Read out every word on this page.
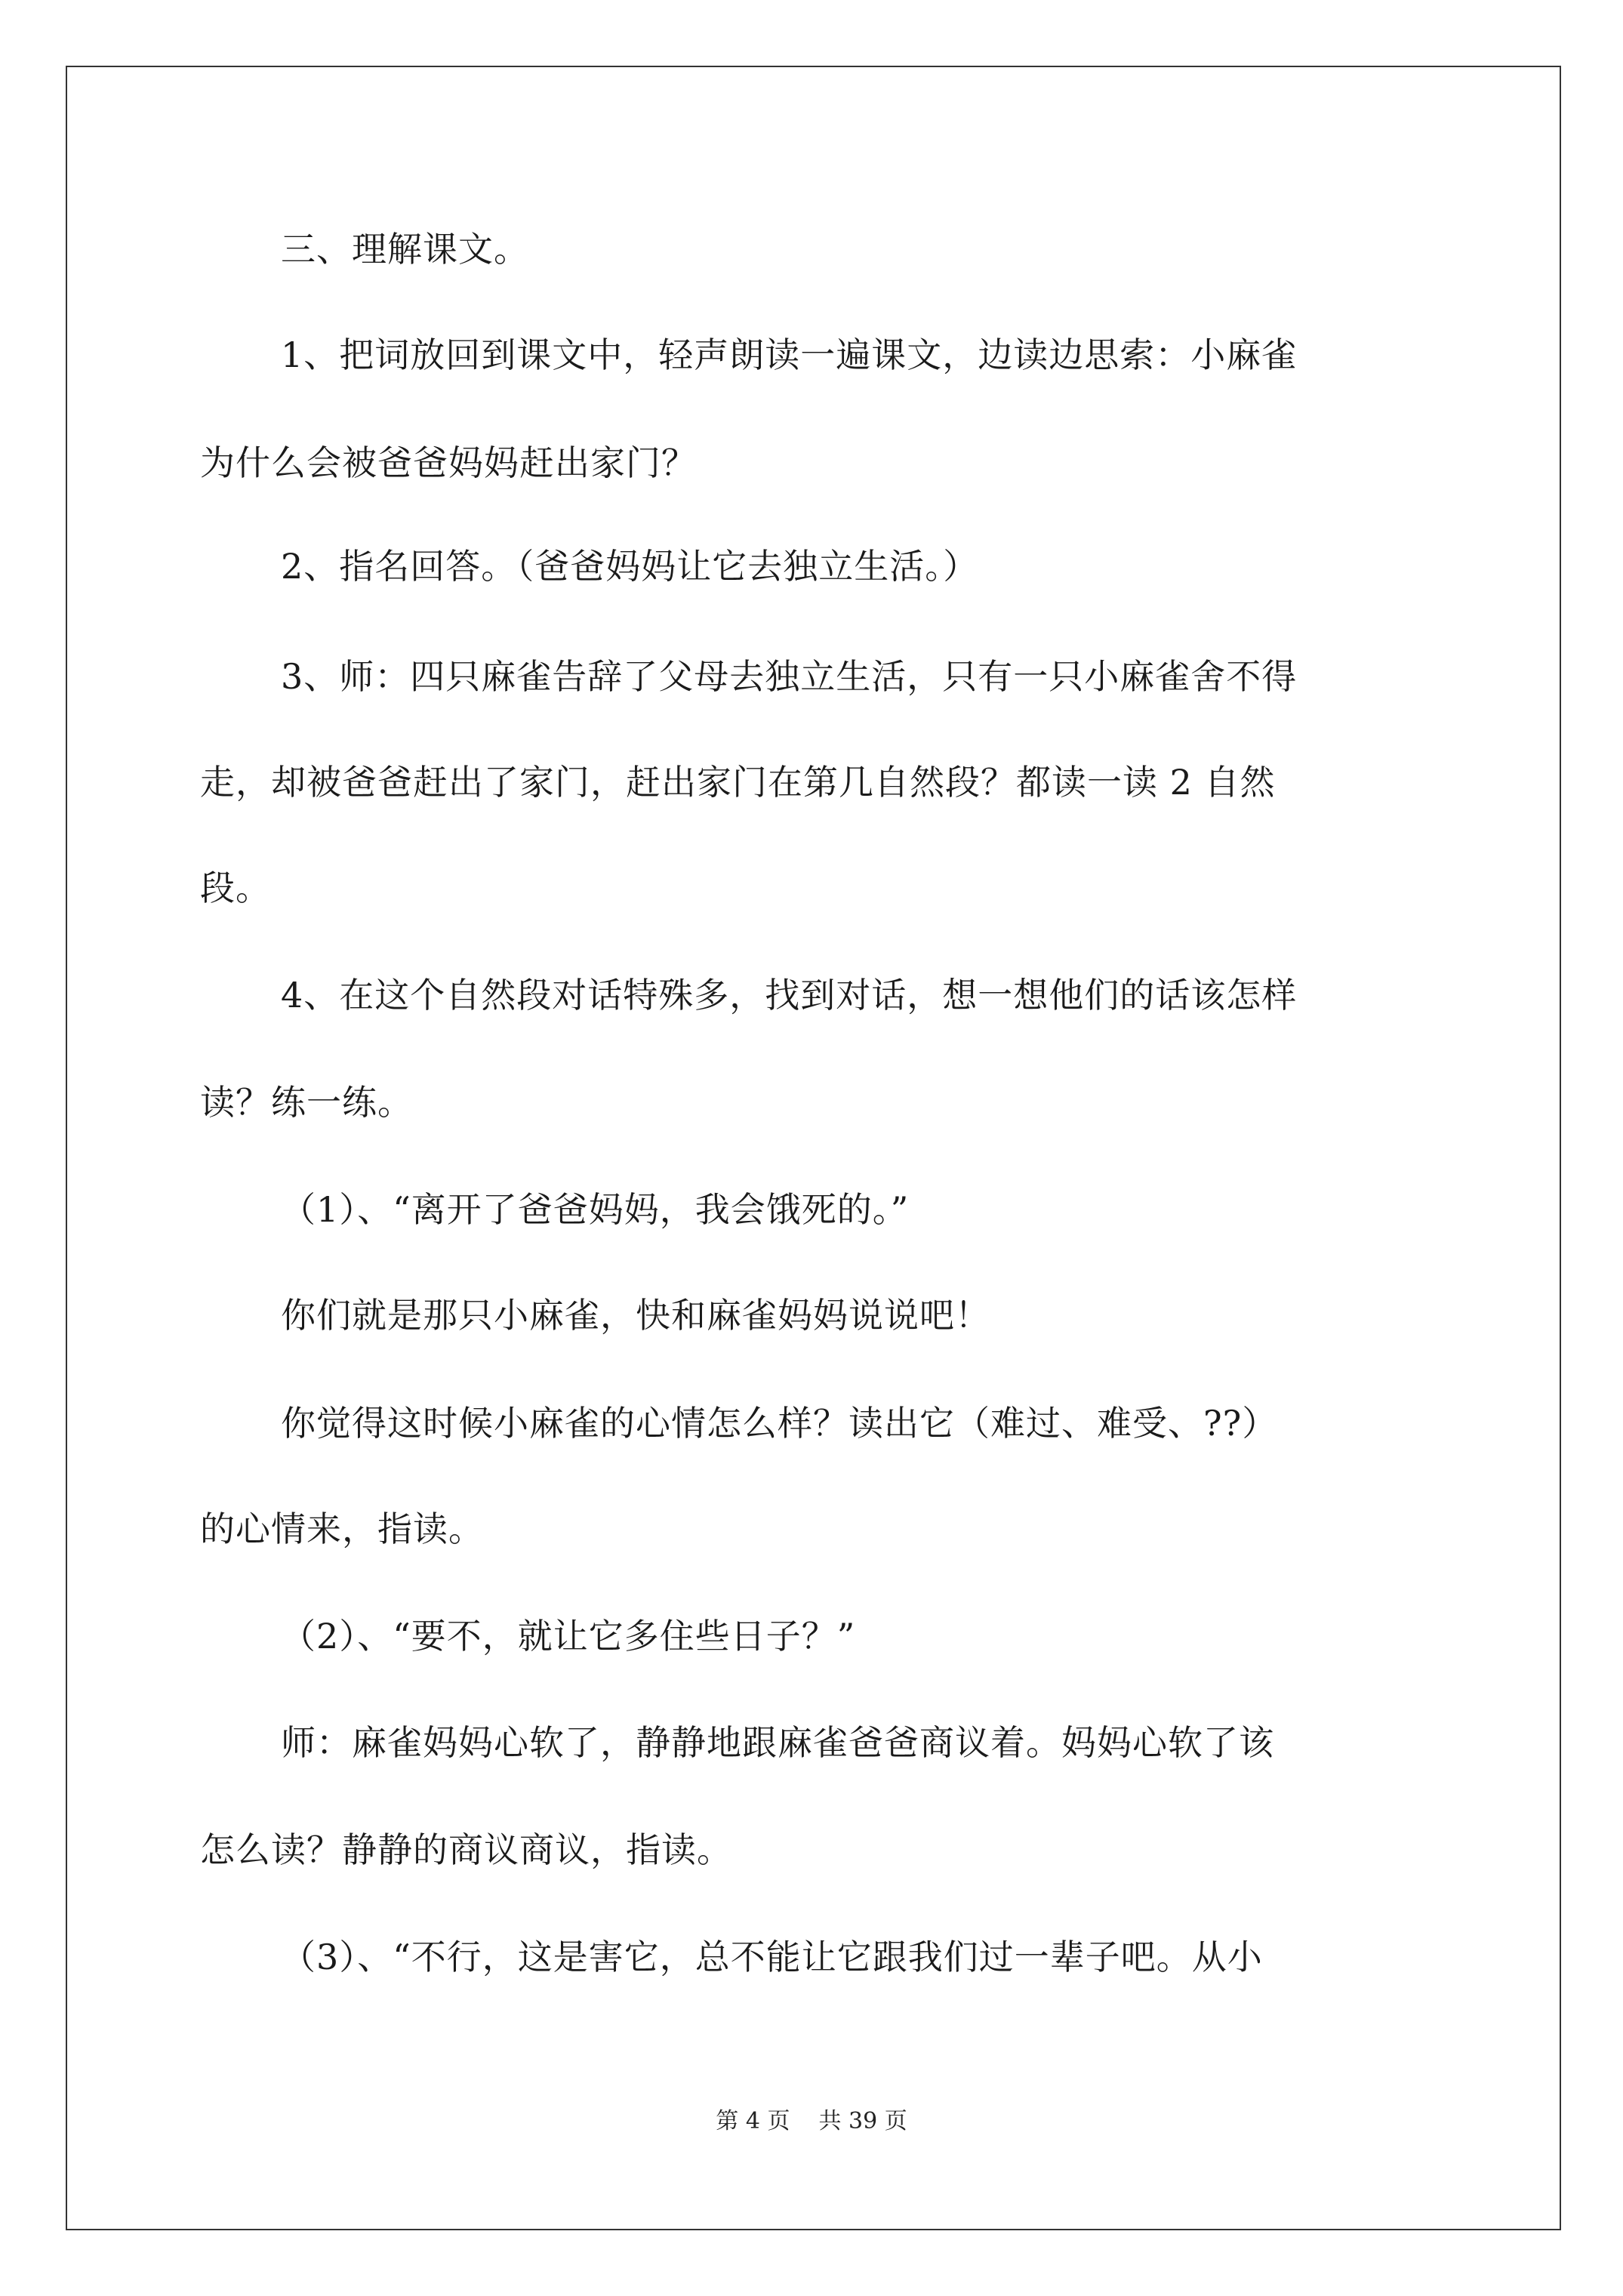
三、理解课文。

1、把词放回到课文中，轻声朗读一遍课文，边读边思索：小麻雀

为什么会被爸爸妈妈赶出家门？

2、指名回答。（爸爸妈妈让它去独立生活。）

3、师：四只麻雀告辞了父母去独立生活，只有一只小麻雀舍不得

走，却被爸爸赶出了家门，赶出家门在第几自然段？都读一读 2 自然

段。

4、在这个自然段对话特殊多，找到对话，想一想他们的话该怎样

读？练一练。

（1）、“离开了爸爸妈妈，我会饿死的。”

你们就是那只小麻雀，快和麻雀妈妈说说吧！

你觉得这时候小麻雀的心情怎么样？读出它（难过、难受、??）

的心情来，指读。

（2）、“要不，就让它多住些日子？”

师：麻雀妈妈心软了，静静地跟麻雀爸爸商议着。妈妈心软了该

怎么读？静静的商议商议，指读。

（3）、“不行，这是害它，总不能让它跟我们过一辈子吧。从小

第 4 页 共 39 页
